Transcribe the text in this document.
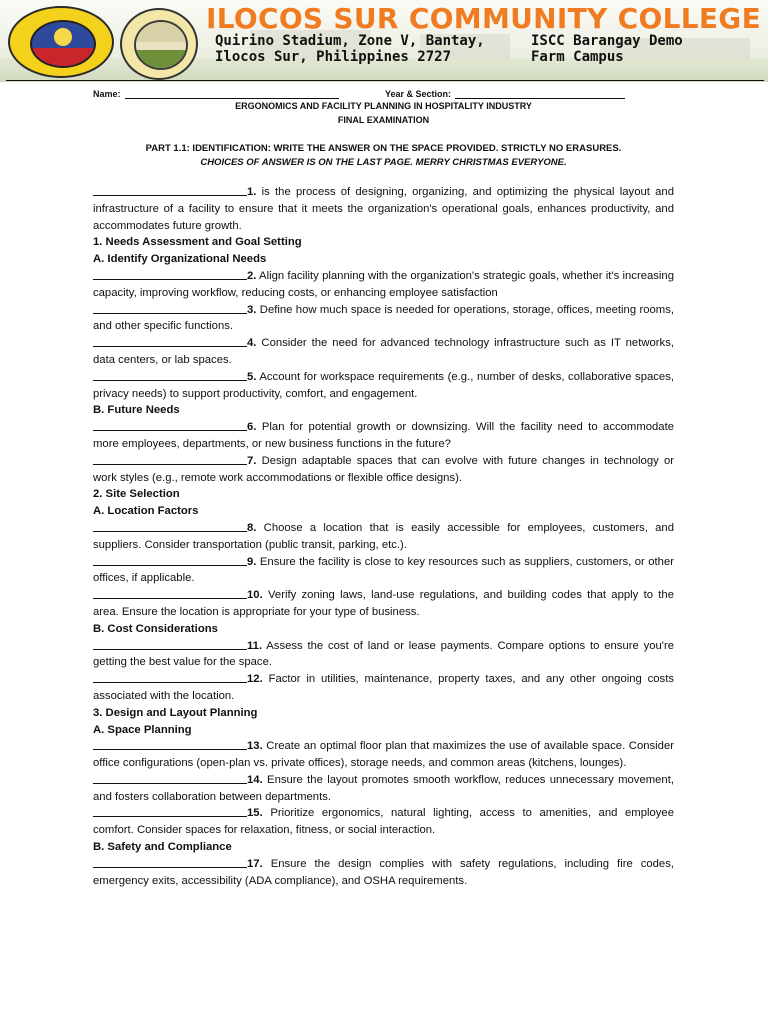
ILOCOS SUR COMMUNITY COLLEGE
Quirino Stadium, Zone V, Bantay,
Ilocos Sur, Philippines 2727
ISCC Barangay Demo
Farm Campus
Name:	Year & Section:
ERGONOMICS AND FACILITY PLANNING IN HOSPITALITY INDUSTRY
FINAL EXAMINATION
PART 1.1: IDENTIFICATION: WRITE THE ANSWER ON THE SPACE PROVIDED. STRICTLY NO ERASURES.
CHOICES OF ANSWER IS ON THE LAST PAGE. MERRY CHRISTMAS EVERYONE.

1. is the process of designing, organizing, and optimizing the physical layout and infrastructure of a facility to ensure that it meets the organization's operational goals, enhances productivity, and accommodates future growth.

1. Needs Assessment and Goal Setting

A. Identify Organizational Needs

2. Align facility planning with the organization's strategic goals, whether it's increasing capacity, improving workflow, reducing costs, or enhancing employee satisfaction

3. Define how much space is needed for operations, storage, offices, meeting rooms, and other specific functions.

4. Consider the need for advanced technology infrastructure such as IT networks, data centers, or lab spaces.

5. Account for workspace requirements (e.g., number of desks, collaborative spaces, privacy needs) to support productivity, comfort, and engagement.

B. Future Needs

6. Plan for potential growth or downsizing. Will the facility need to accommodate more employees, departments, or new business functions in the future?

7. Design adaptable spaces that can evolve with future changes in technology or work styles (e.g., remote work accommodations or flexible office designs).

2. Site Selection

A. Location Factors

8. Choose a location that is easily accessible for employees, customers, and suppliers. Consider transportation (public transit, parking, etc.).

9. Ensure the facility is close to key resources such as suppliers, customers, or other offices, if applicable.

10. Verify zoning laws, land-use regulations, and building codes that apply to the area. Ensure the location is appropriate for your type of business.

B. Cost Considerations

11. Assess the cost of land or lease payments. Compare options to ensure you're getting the best value for the space.

12. Factor in utilities, maintenance, property taxes, and any other ongoing costs associated with the location.

3. Design and Layout Planning

A. Space Planning

13. Create an optimal floor plan that maximizes the use of available space. Consider office configurations (open-plan vs. private offices), storage needs, and common areas (kitchens, lounges).

14. Ensure the layout promotes smooth workflow, reduces unnecessary movement, and fosters collaboration between departments.

15. Prioritize ergonomics, natural lighting, access to amenities, and employee comfort. Consider spaces for relaxation, fitness, or social interaction.

B. Safety and Compliance

17. Ensure the design complies with safety regulations, including fire codes, emergency exits, accessibility (ADA compliance), and OSHA requirements.
